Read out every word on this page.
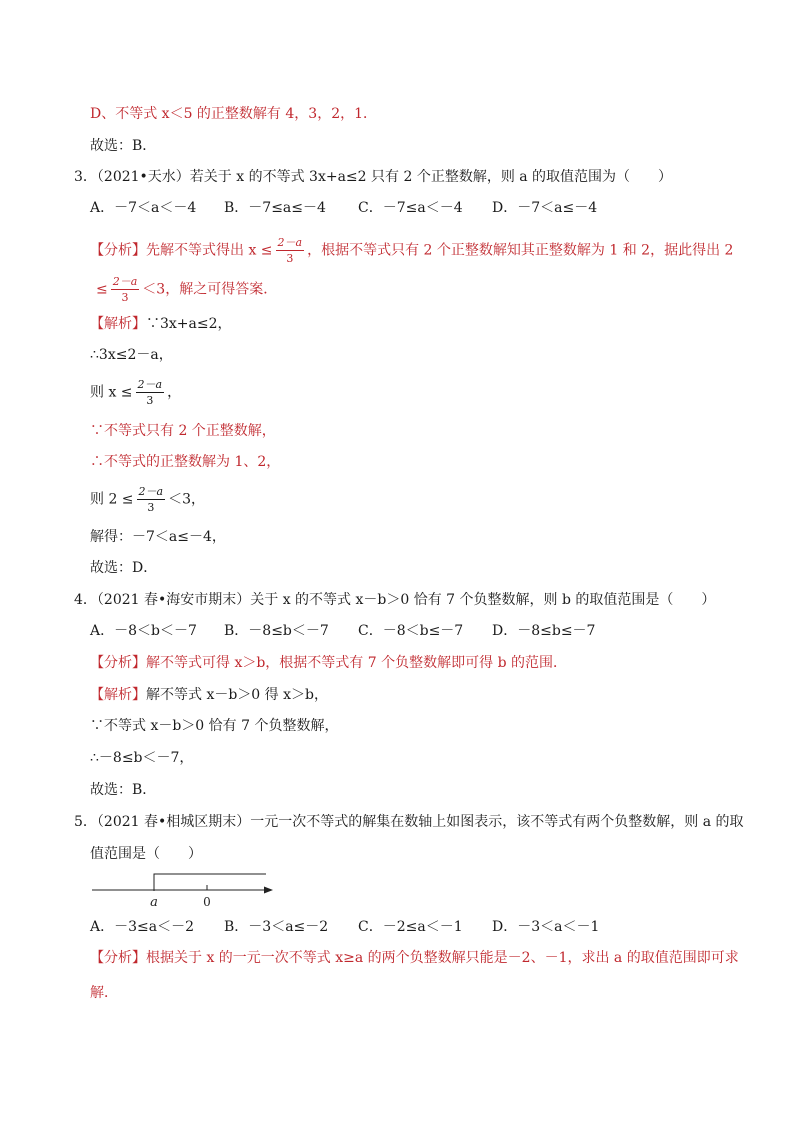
D、不等式 x＜5 的正整数解有 4，3，2，1．
故选：B．
3．（2021•天水）若关于 x 的不等式 3x+a≤2 只有 2 个正整数解，则 a 的取值范围为（　　）
A．－7＜a＜－4 B．－7≤a≤－4 C．－7≤a＜－4 D．－7＜a≤－4
【分析】先解不等式得出 $x \le \frac{2-a}{3}$ ，根据不等式只有 2 个正整数解知其正整数解为 1 和 2，据此得出 2
≤ $\frac{2-a}{3} <3$，解之可得答案．
【解析】∵3x+a≤2，
∴3x≤2－a，
则 $x \le \frac{2-a}{3}$ ，
∵不等式只有 2 个正整数解，
∴不等式的正整数解为 1、2，
则 $2 \le \frac{2-a}{3} <3$，
解得：－7＜a≤－4，
故选：D．
4．（2021 春•海安市期末）关于 x 的不等式 x－b＞0 恰有 7 个负整数解，则 b 的取值范围是（　　）
A．－8＜b＜－7 B．－8≤b＜－7 C．－8＜b≤－7 D．－8≤b≤－7
【分析】解不等式可得 x＞b，根据不等式有 7 个负整数解即可得 b 的范围．
【解析】解不等式 x－b＞0 得 x＞b，
∵不等式 x－b＞0 恰有 7 个负整数解，
∴－8≤b＜－7，
故选：B．
5．（2021 春•相城区期末）一元一次不等式的解集在数轴上如图表示，该不等式有两个负整数解，则 a 的取
值范围是（　　）
a	0
A．－3≤a＜－2 B．－3＜a≤－2 C．－2≤a＜－1 D．－3＜a＜－1
【分析】根据关于 x 的一元一次不等式 x≥a 的两个负整数解只能是－2、－1，求出 a 的取值范围即可求
解．
